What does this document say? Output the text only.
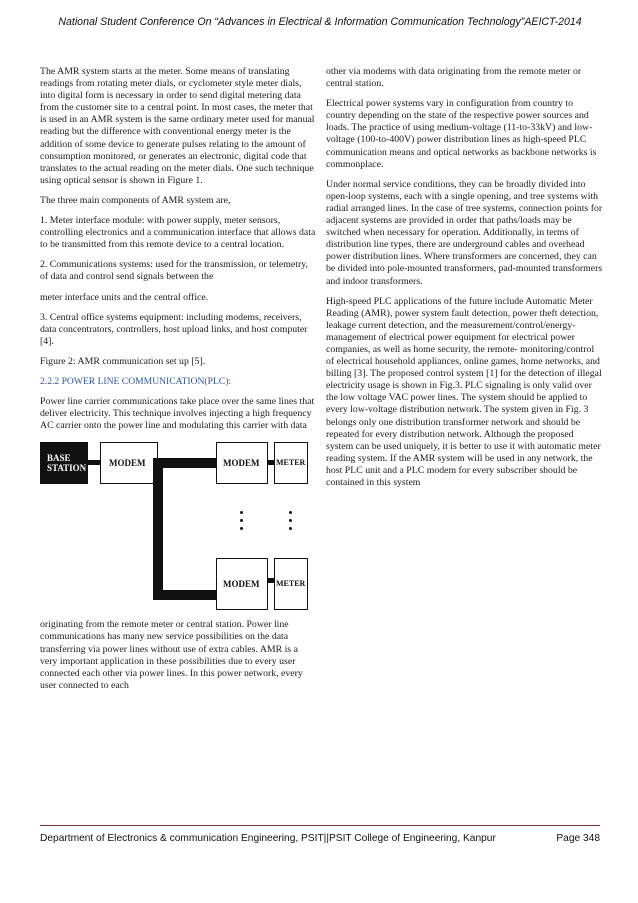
National Student Conference On “Advances in Electrical & Information Communication Technology”AEICT-2014

The AMR system starts at the meter. Some means of translating readings from rotating meter dials, or cyclometer style meter dials, into digital form is necessary in order to send digital metering data from the customer site to a central point. In most cases, the meter that is used in an AMR system is the same ordinary meter used for manual reading but the difference with conventional energy meter is the addition of some device to generate pulses relating to the amount of consumption monitored, or generates an electronic, digital code that translates to the actual reading on the meter dials. One such technique using optical sensor is shown in Figure 1.

The three main components of AMR system are,

1. Meter interface module: with power supply, meter sensors, controlling electronics and a communication interface that allows data to be transmitted from this remote device to a central location.

2. Communications systems: used for the transmission, or telemetry, of data and control send signals between the

meter interface units and the central office.

3. Central office systems equipment: including modems, receivers, data concentrators, controllers, host upload links, and host computer [4].

Figure 2: AMR communication set up [5].

2.2.2 POWER LINE COMMUNICATION(PLC):

Power line carrier communications take place over the same lines that deliver electricity. This technique involves injecting a high frequency AC carrier onto the power line and modulating this carrier with data

BASE STATION	MODEM	MODEM METER
MODEM METER

originating from the remote meter or central station. Power line communications has many new service possibilities on the data transferring via power lines without use of extra cables. AMR is a very important application in these possibilities due to every user connected each other via power lines. In this power network, every user connected to each

other via modems with data originating from the remote meter or central station.

Electrical power systems vary in configuration from country to country depending on the state of the respective power sources and loads. The practice of using medium-voltage (11-to-33kV) and low-voltage (100-to-400V) power distribution lines as high-speed PLC communication means and optical networks as backbone networks is commonplace.

Under normal service conditions, they can be broadly divided into open-loop systems, each with a single opening, and tree systems with radial arranged lines. In the case of tree systems, connection points for adjacent systems are provided in order that paths/loads may be switched when necessary for operation. Additionally, in terms of distribution line types, there are underground cables and overhead power distribution lines. Where transformers are concerned, they can be divided into pole-mounted transformers, pad-mounted transformers and indoor transformers.

High-speed PLC applications of the future include Automatic Meter Reading (AMR), power system fault detection, power theft detection, leakage current detection, and the measurement/control/energy-management of electrical power equipment for electrical power companies, as well as home security, the remote- monitoring/control of electrical household appliances, online games, home networks, and billing [3]. The proposed control system [1] for the detection of illegal electricity usage is shown in Fig.3. PLC signaling is only valid over the low voltage VAC power lines. The system should be applied to every low-voltage distribution network. The system given in Fig. 3 belongs only one distribution transformer network and should be repeated for every distribution network. Although the proposed system can be used uniquely, it is better to use it with automatic meter reading system. If the AMR system will be used in any network, the host PLC unit and a PLC modem for every subscriber should be contained in this system

Department of Electronics & communication Engineering, PSIT||PSIT College of Engineering, Kanpur	Page 348
